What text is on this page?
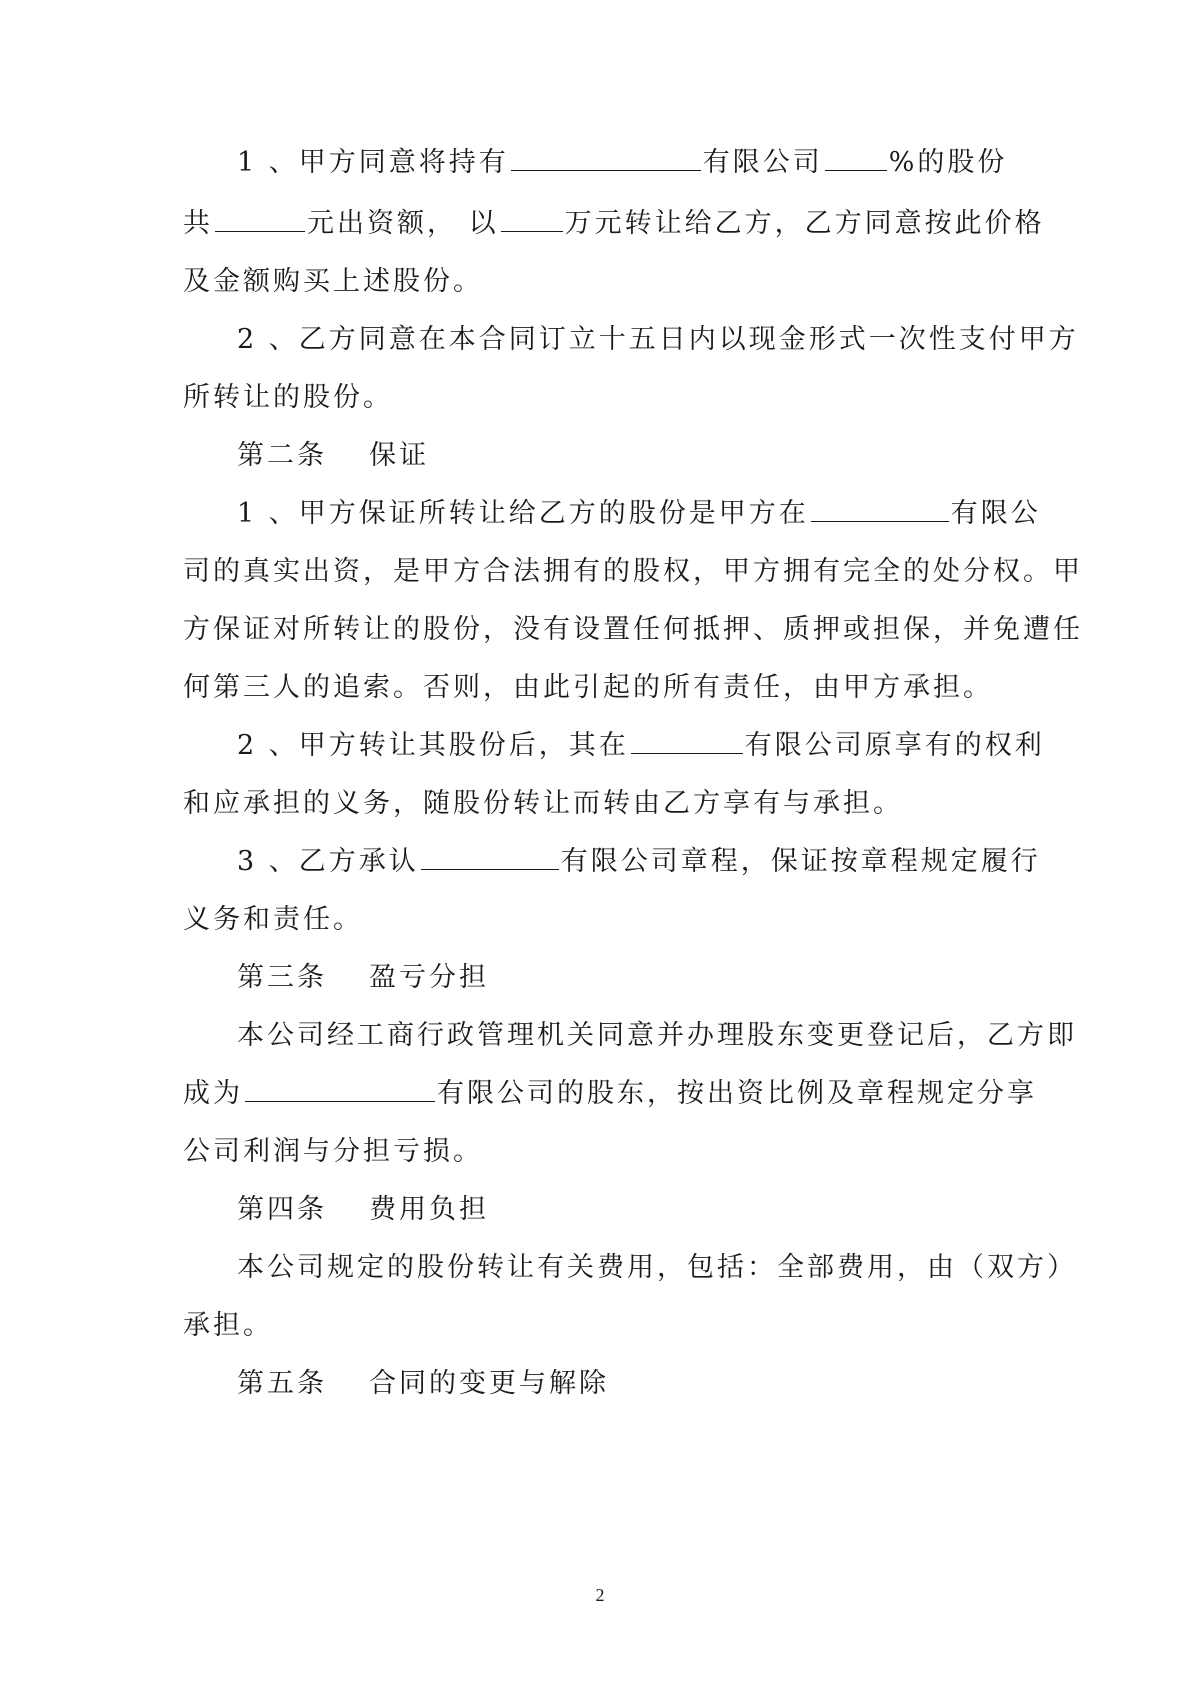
1 、甲方同意将持有	有限公司 %的股份
共	元出资额， 以 万元转让给乙方，乙方同意按此价格
及金额购买上述股份。
2 、乙方同意在本合同订立十五日内以现金形式一次性支付甲方
所转让的股份。
第二条 保证
1 、甲方保证所转让给乙方的股份是甲方在	有限公
司的真实出资，是甲方合法拥有的股权，甲方拥有完全的处分权。甲
方保证对所转让的股份，没有设置任何抵押、质押或担保，并免遭任
何第三人的追索。否则，由此引起的所有责任，由甲方承担。
2 、甲方转让其股份后，其在	有限公司原享有的权利
和应承担的义务，随股份转让而转由乙方享有与承担。
3 、乙方承认	有限公司章程，保证按章程规定履行
义务和责任。
第三条 盈亏分担
本公司经工商行政管理机关同意并办理股东变更登记后，乙方即
成为	有限公司的股东，按出资比例及章程规定分享
公司利润与分担亏损。
第四条 费用负担
本公司规定的股份转让有关费用，包括：全部费用，由（双方）
承担。
第五条 合同的变更与解除
2
